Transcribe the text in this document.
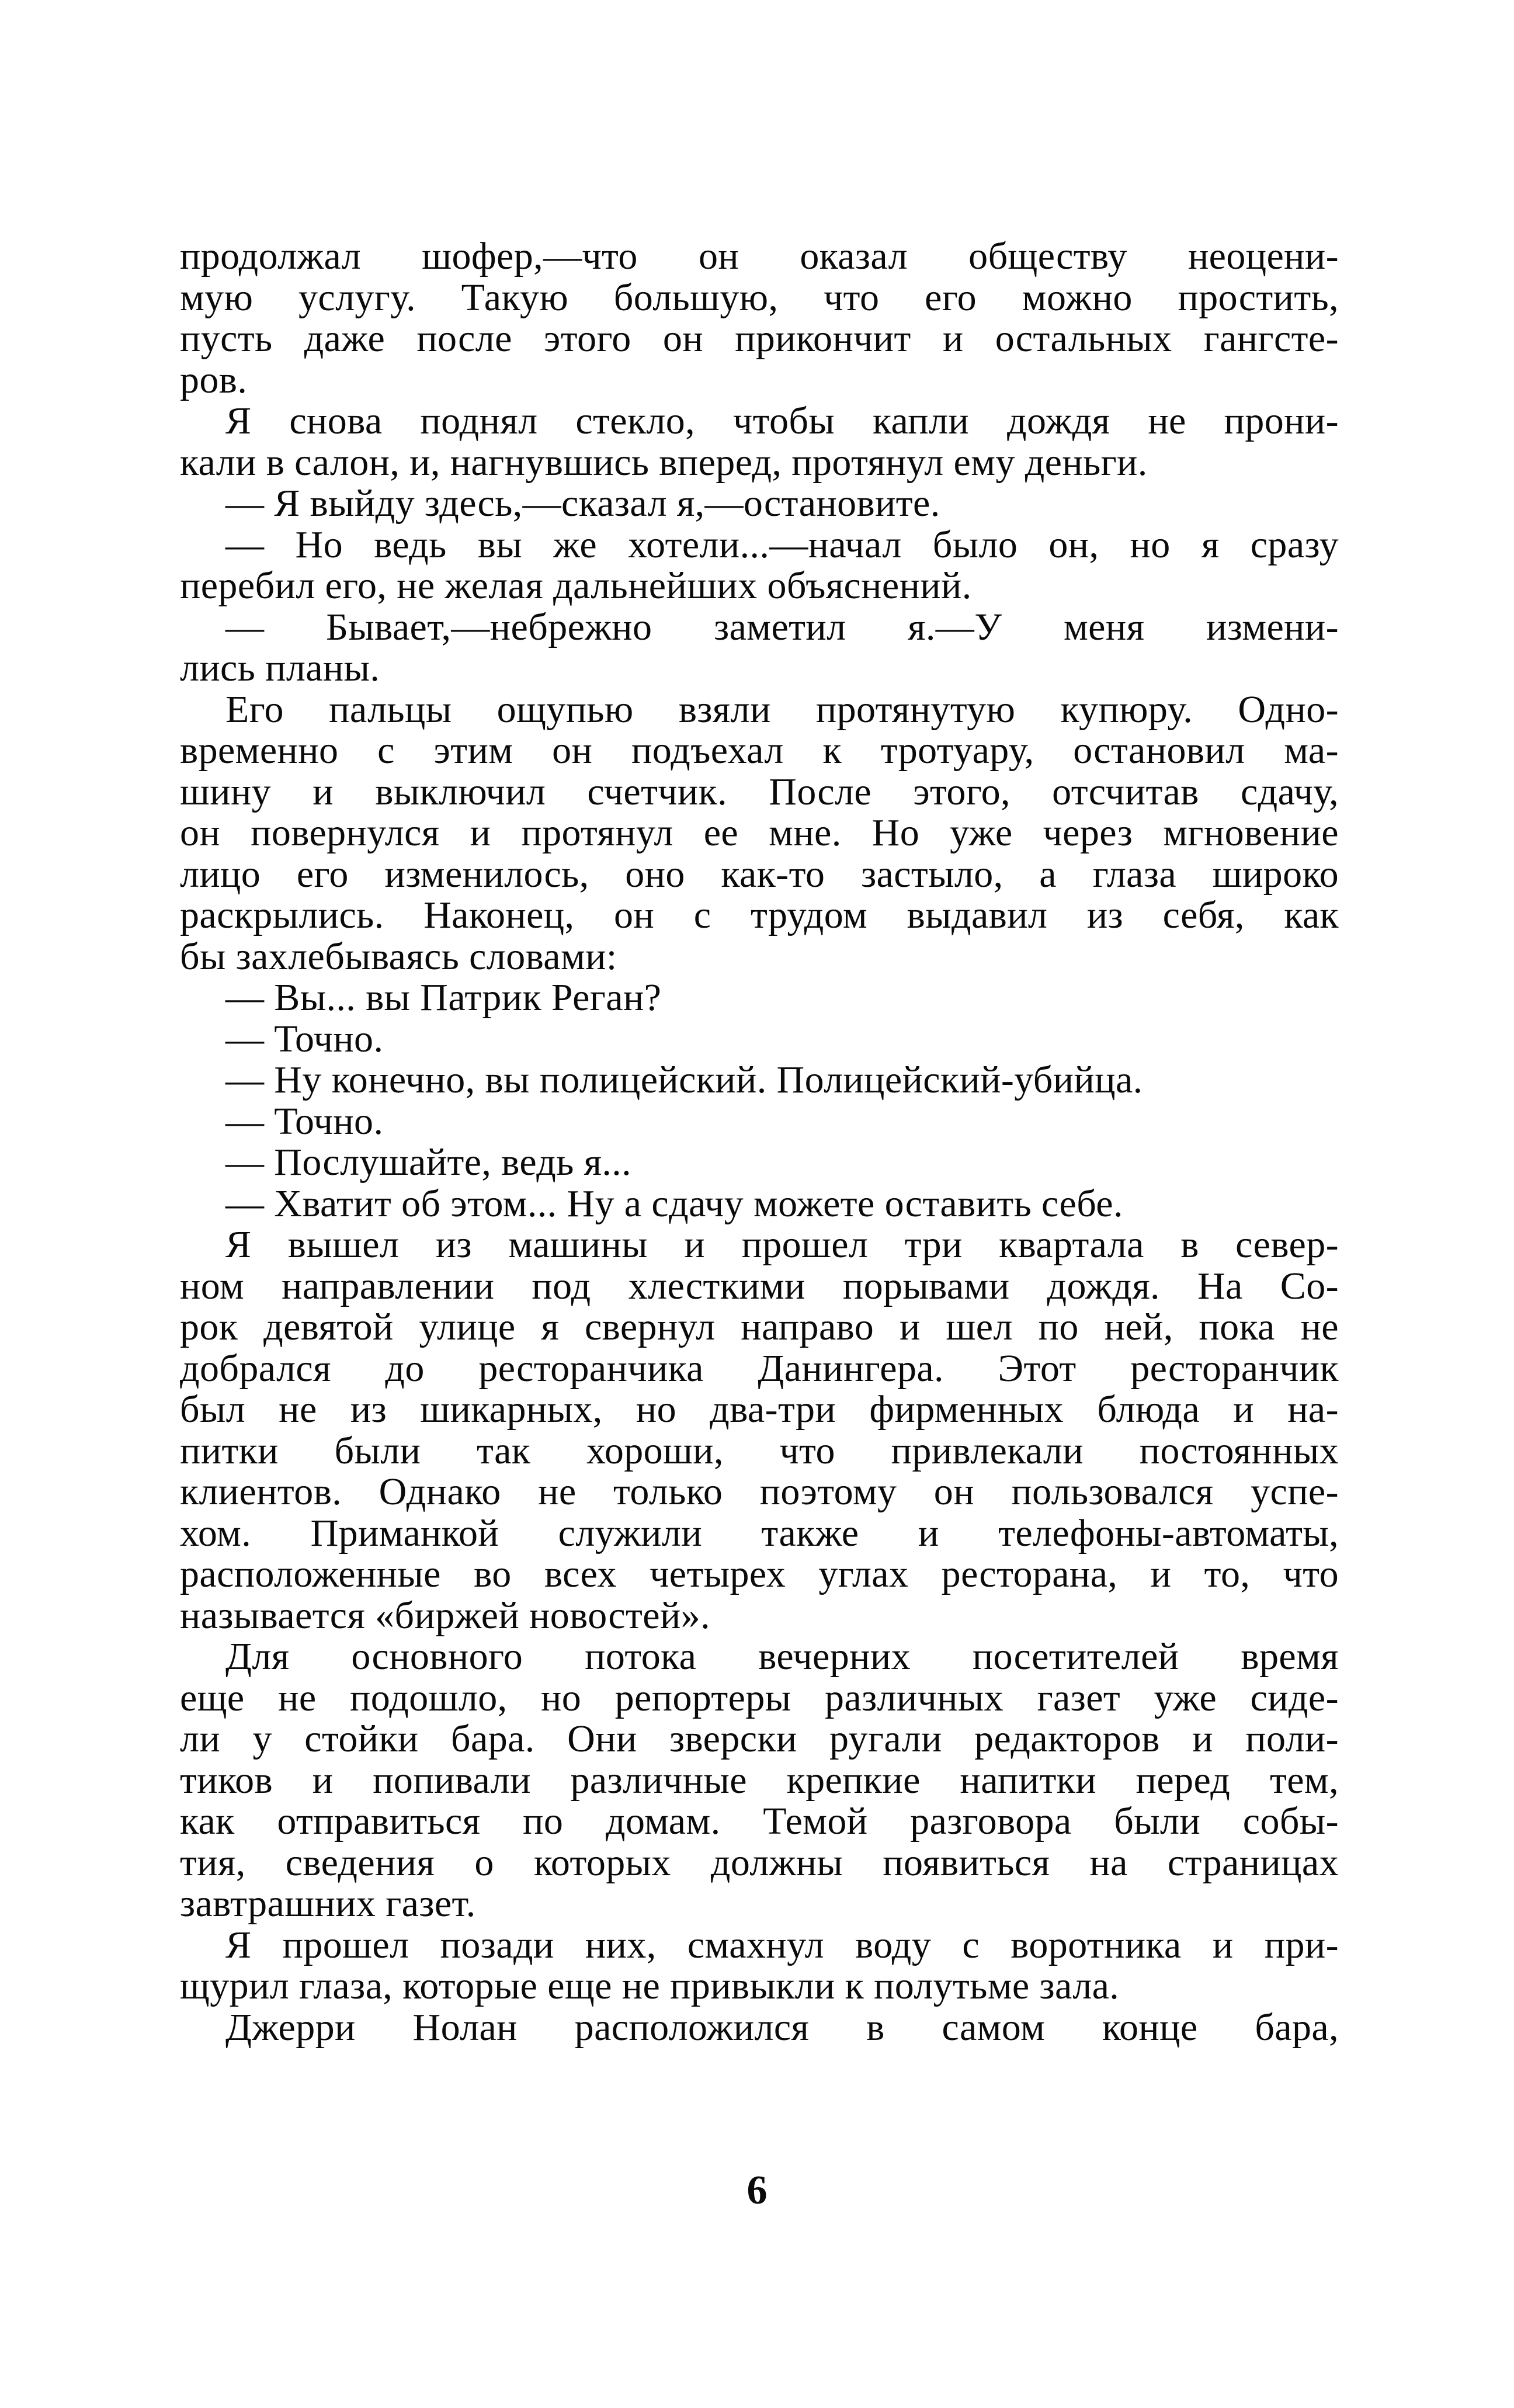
продолжал шофер,—что он оказал обществу неоцени-
мую услугу. Такую большую, что его можно простить,
пусть даже после этого он прикончит и остальных гангсте-
ров.
Я снова поднял стекло, чтобы капли дождя не прони-
кали в салон, и, нагнувшись вперед, протянул ему деньги.
— Я выйду здесь,—сказал я,—остановите.
— Но ведь вы же хотели...—начал было он, но я сразу
перебил его, не желая дальнейших объяснений.
— Бывает,—небрежно заметил я.—У меня измени-
лись планы.
Его пальцы ощупью взяли протянутую купюру. Одно-
временно с этим он подъехал к тротуару, остановил ма-
шину и выключил счетчик. После этого, отсчитав сдачу,
он повернулся и протянул ее мне. Но уже через мгновение
лицо его изменилось, оно как-то застыло, а глаза широко
раскрылись. Наконец, он с трудом выдавил из себя, как
бы захлебываясь словами:
— Вы... вы Патрик Реган?
— Точно.
— Ну конечно, вы полицейский. Полицейский-убийца.
— Точно.
— Послушайте, ведь я...
— Хватит об этом... Ну а сдачу можете оставить себе.
Я вышел из машины и прошел три квартала в север-
ном направлении под хлесткими порывами дождя. На Со-
рок девятой улице я свернул направо и шел по ней, пока не
добрался до ресторанчика Данингера. Этот ресторанчик
был не из шикарных, но два-три фирменных блюда и на-
питки были так хороши, что привлекали постоянных
клиентов. Однако не только поэтому он пользовался успе-
хом. Приманкой служили также и телефоны-автоматы,
расположенные во всех четырех углах ресторана, и то, что
называется «биржей новостей».
Для основного потока вечерних посетителей время
еще не подошло, но репортеры различных газет уже сиде-
ли у стойки бара. Они зверски ругали редакторов и поли-
тиков и попивали различные крепкие напитки перед тем,
как отправиться по домам. Темой разговора были собы-
тия, сведения о которых должны появиться на страницах
завтрашних газет.
Я прошел позади них, смахнул воду с воротника и при-
щурил глаза, которые еще не привыкли к полутьме зала.
Джерри Нолан расположился в самом конце бара,
6
